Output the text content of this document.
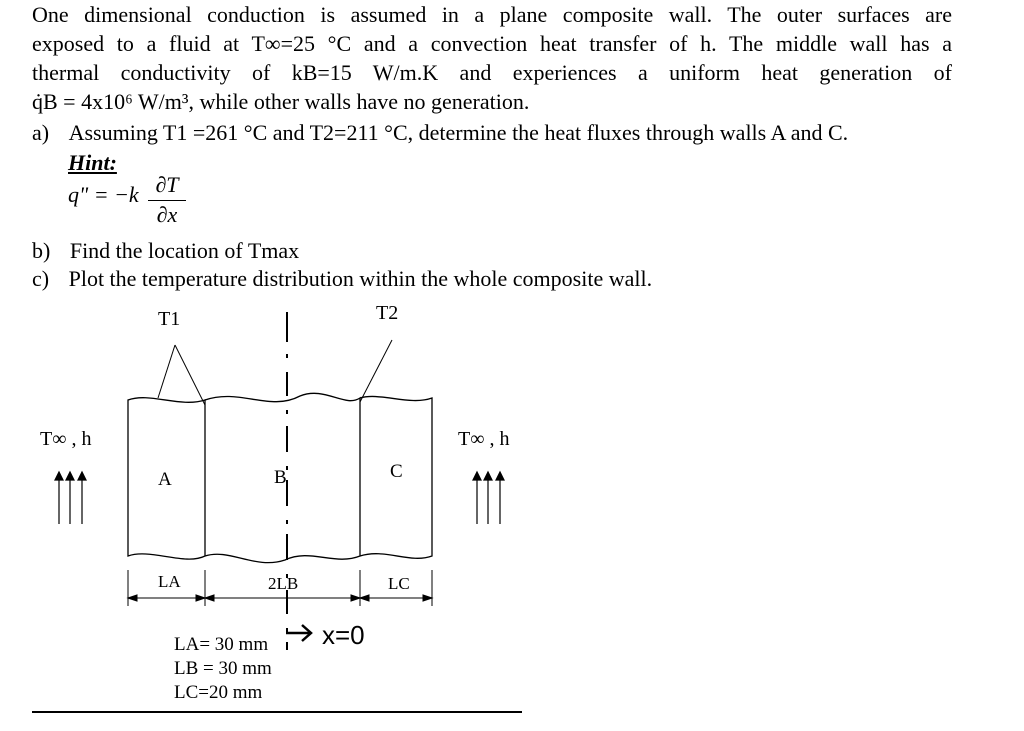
One dimensional conduction is assumed in a plane composite wall. The outer surfaces are
exposed to a fluid at T∞=25 °C and a convection heat transfer of h. The middle wall has a
thermal conductivity of kB=15 W/m.K and experiences a uniform heat generation of
q̇B = 4x10⁶ W/m³, while other walls have no generation.
a) Assuming T1 =261 °C and T2=211 °C, determine the heat fluxes through walls A and C.
Hint:
q" = $-k \frac{\partial T}{\partial x}$
b) Find the location of Tmax
c) Plot the temperature distribution within the whole composite wall.
T1	T2
T∞ , h	T∞ , h
A	B	C
LA	2LB	LC
x=0
LA= 30 mm
LB = 30 mm
LC=20 mm
